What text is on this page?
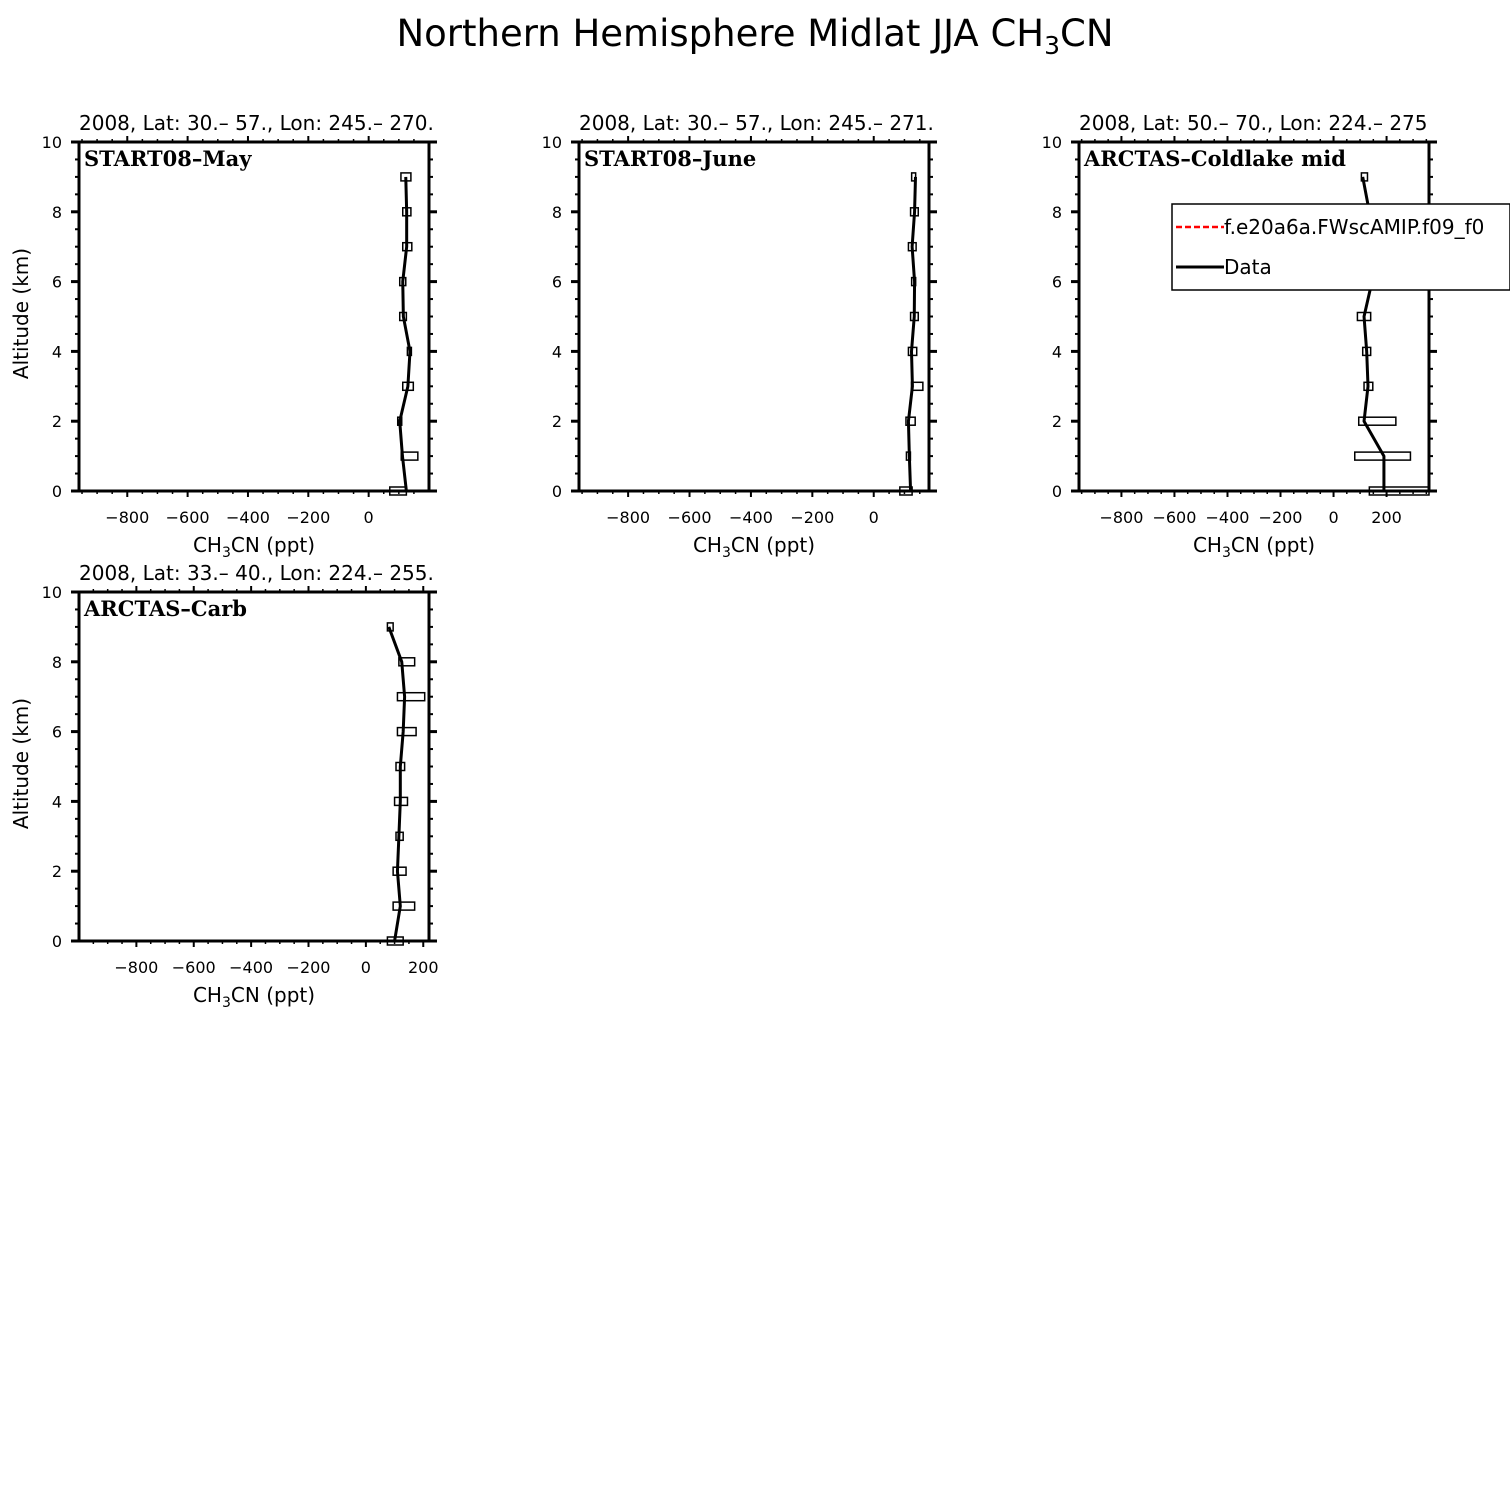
Northern Hemisphere Midlat JJA $CH_3CN$
0
2
4
6
8
10
−800 −600 −400 −200 0
2008, Lat: 30.– 57., Lon: 245.– 270.
START08–May
$CH_3CN$ (ppt)
Altitude (km)
0
2
4
6
8
10
−800 −600 −400 −200 0
2008, Lat: 30.– 57., Lon: 245.– 271.
START08–June
$CH_3CN$ (ppt)
0
2
4
6
8
10
−800 −600 −400 −200 0 200
2008, Lat: 50.– 70., Lon: 224.– 275
ARCTAS–Coldlake mid
$CH_3CN$ (ppt)
f.e20a6a.FWscAMIP.f09_f0
Data
0
2
4
6
8
10
−800 −600 −400 −200 0 200
2008, Lat: 33.– 40., Lon: 224.– 255.
ARCTAS–Carb
$CH_3CN$ (ppt)
Altitude (km)
